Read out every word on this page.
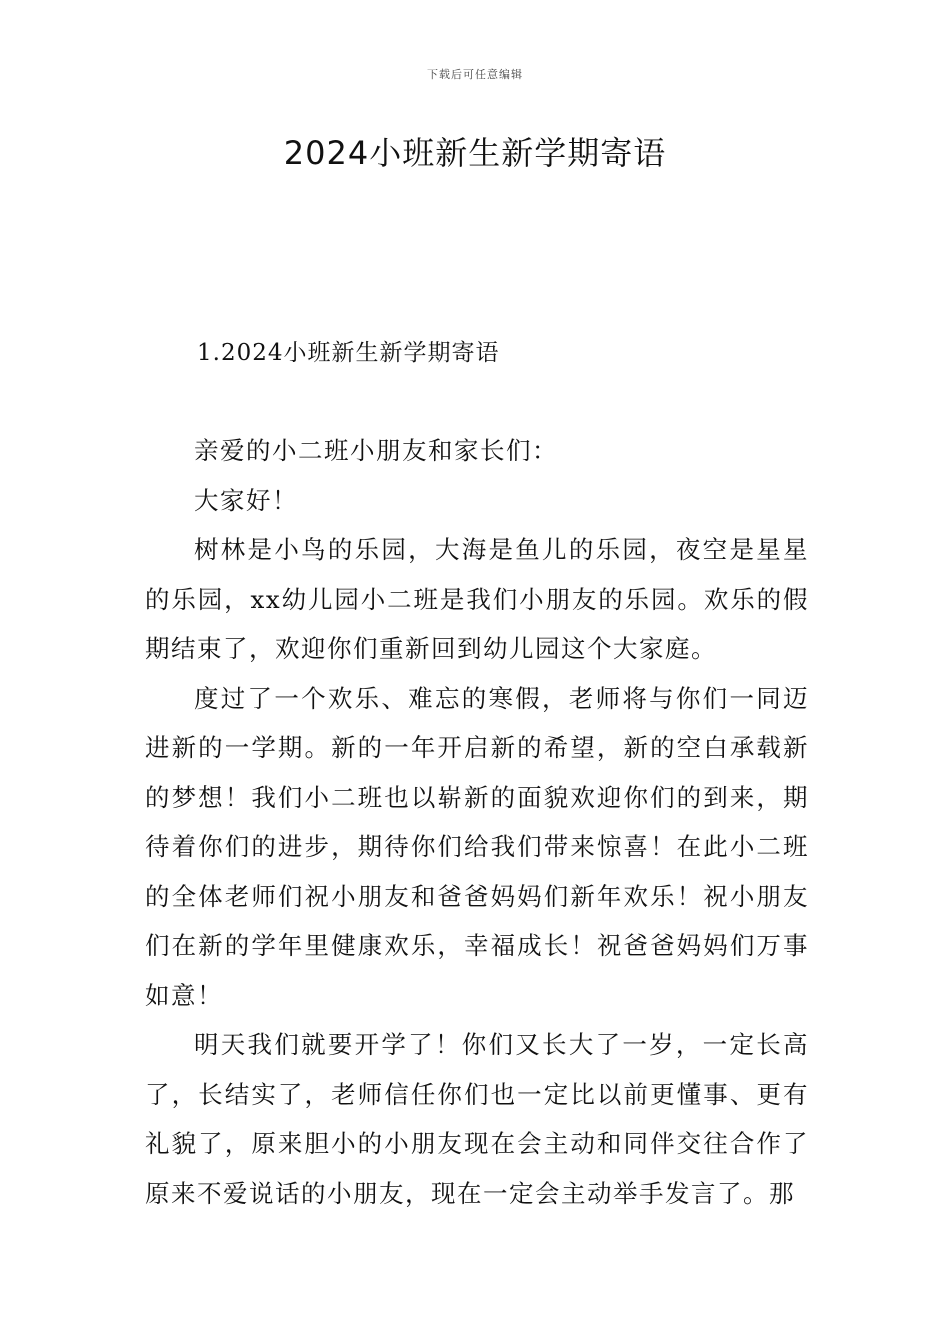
下载后可任意编辑
2024小班新生新学期寄语
1.2024小班新生新学期寄语

亲爱的小二班小朋友和家长们：

大家好！

树林是小鸟的乐园，大海是鱼儿的乐园，夜空是星星的乐园，xx幼儿园小二班是我们小朋友的乐园。欢乐的假期结束了，欢迎你们重新回到幼儿园这个大家庭。

度过了一个欢乐、难忘的寒假，老师将与你们一同迈进新的一学期。新的一年开启新的希望，新的空白承载新的梦想！我们小二班也以崭新的面貌欢迎你们的到来，期待着你们的进步，期待你们给我们带来惊喜！在此小二班的全体老师们祝小朋友和爸爸妈妈们新年欢乐！祝小朋友们在新的学年里健康欢乐，幸福成长！祝爸爸妈妈们万事如意！

明天我们就要开学了！你们又长大了一岁，一定长高了，长结实了，老师信任你们也一定比以前更懂事、更有礼貌了，原来胆小的小朋友现在会主动和同伴交往合作了原来不爱说话的小朋友，现在一定会主动举手发言了。那
